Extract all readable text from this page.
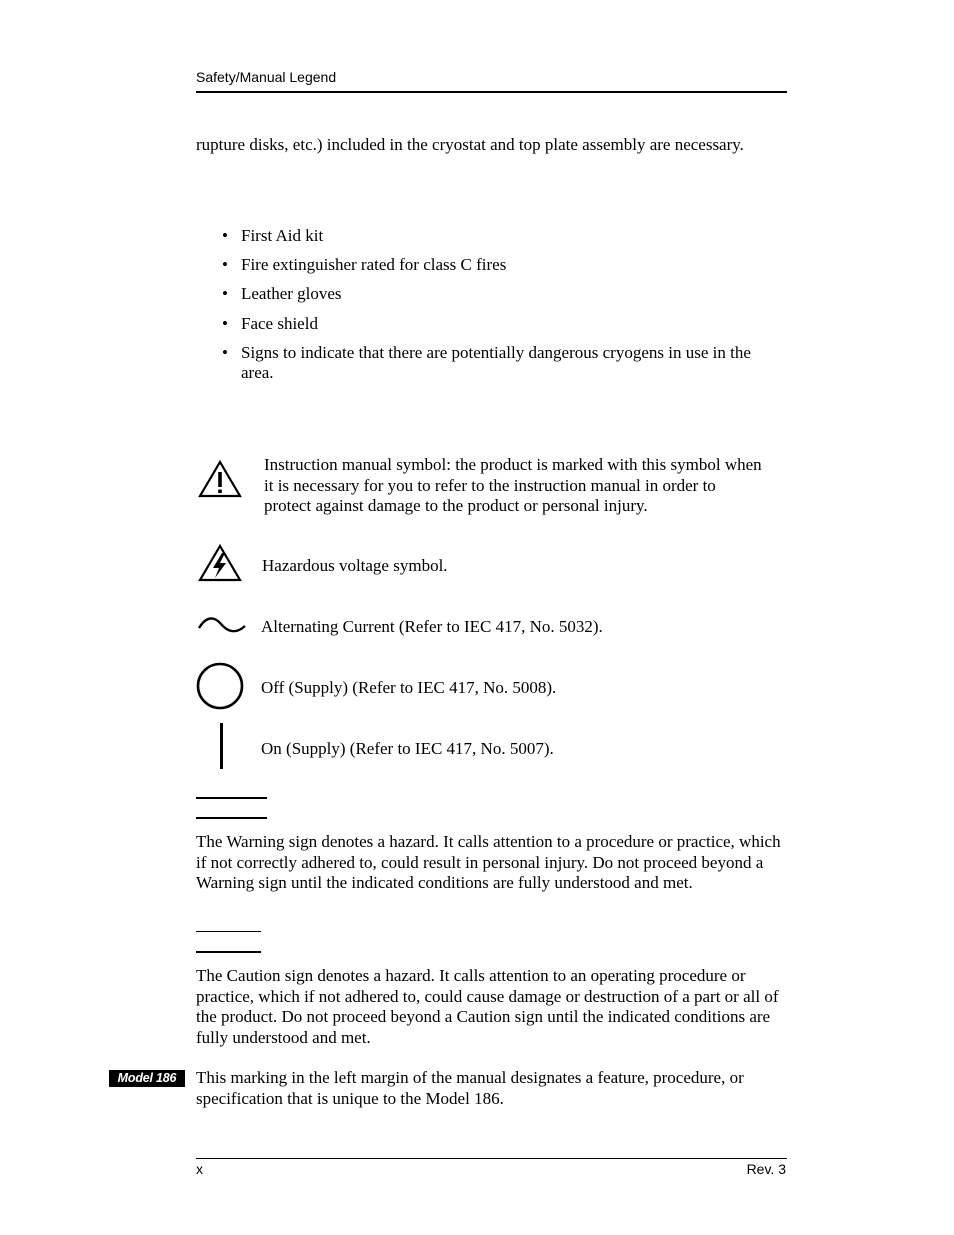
Safety/Manual Legend
rupture disks, etc.) included in the cryostat and top plate assembly are necessary.
• First Aid kit
• Fire extinguisher rated for class C fires
• Leather gloves
• Face shield
• Signs to indicate that there are potentially dangerous cryogens in use in the area.
Instruction manual symbol: the product is marked with this symbol when it is necessary for you to refer to the instruction manual in order to protect against damage to the product or personal injury.
Hazardous voltage symbol.
Alternating Current (Refer to IEC 417, No. 5032).
Off (Supply) (Refer to IEC 417, No. 5008).
On (Supply) (Refer to IEC 417, No. 5007).
The Warning sign denotes a hazard. It calls attention to a procedure or practice, which if not correctly adhered to, could result in personal injury. Do not proceed beyond a Warning sign until the indicated conditions are fully understood and met.
The Caution sign denotes a hazard. It calls attention to an operating procedure or practice, which if not adhered to, could cause damage or destruction of a part or all of the product. Do not proceed beyond a Caution sign until the indicated conditions are fully understood and met.
Model 186	This marking in the left margin of the manual designates a feature, procedure, or specification that is unique to the Model 186.
x	Rev. 3
